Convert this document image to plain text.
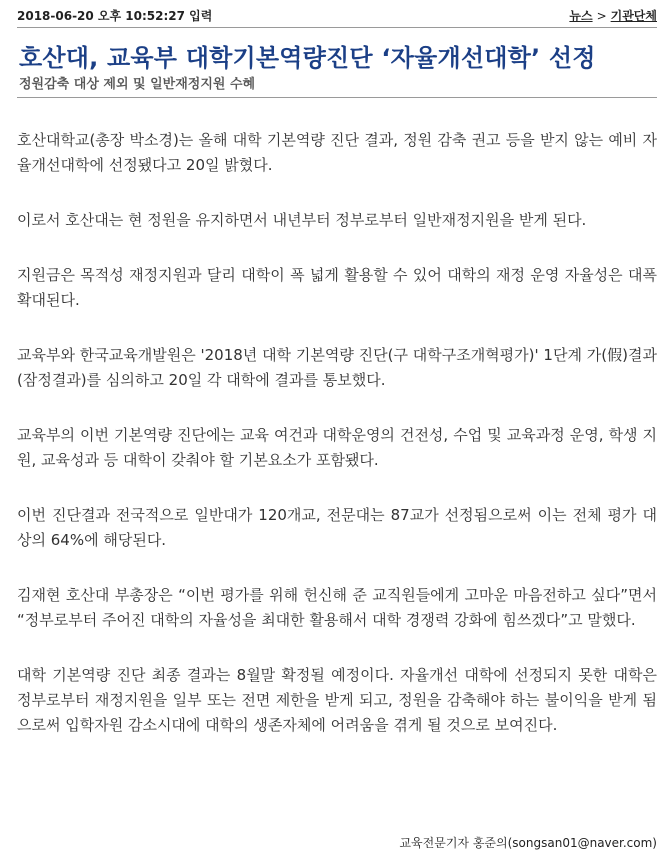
2018-06-20 오후 10:52:27 입력	뉴스 > 기관단체
호산대, 교육부 대학기본역량진단 ‘자율개선대학’ 선정
정원감축 대상 제외 및 일반재정지원 수혜

호산대학교(총장 박소경)는 올해 대학 기본역량 진단 결과, 정원 감축 권고 등을 받지 않는 예비 자율개선대학에 선정됐다고 20일 밝혔다.

이로서 호산대는 현 정원을 유지하면서 내년부터 정부로부터 일반재정지원을 받게 된다.

지원금은 목적성 재정지원과 달리 대학이 폭 넓게 활용할 수 있어 대학의 재정 운영 자율성은 대폭 확대된다.

교육부와 한국교육개발원은 '2018년 대학 기본역량 진단(구 대학구조개혁평가)' 1단계 가(假)결과(잠정결과)를 심의하고 20일 각 대학에 결과를 통보했다.

교육부의 이번 기본역량 진단에는 교육 여건과 대학운영의 건전성, 수업 및 교육과정 운영, 학생 지원, 교육성과 등 대학이 갖춰야 할 기본요소가 포함됐다.

이번 진단결과 전국적으로 일반대가 120개교, 전문대는 87교가 선정됨으로써 이는 전체 평가 대상의 64%에 해당된다.

김재현 호산대 부총장은 “이번 평가를 위해 헌신해 준 교직원들에게 고마운 마음전하고 싶다”면서 “정부로부터 주어진 대학의 자율성을 최대한 활용해서 대학 경쟁력 강화에 힘쓰겠다”고 말했다.

대학 기본역량 진단 최종 결과는 8월말 확정될 예정이다. 자율개선 대학에 선정되지 못한 대학은 정부로부터 재정지원을 일부 또는 전면 제한을 받게 되고, 정원을 감축해야 하는 불이익을 받게 됨으로써 입학자원 감소시대에 대학의 생존자체에 어려움을 겪게 될 것으로 보여진다.

교육전문기자 홍준의(songsan01@naver.com)
